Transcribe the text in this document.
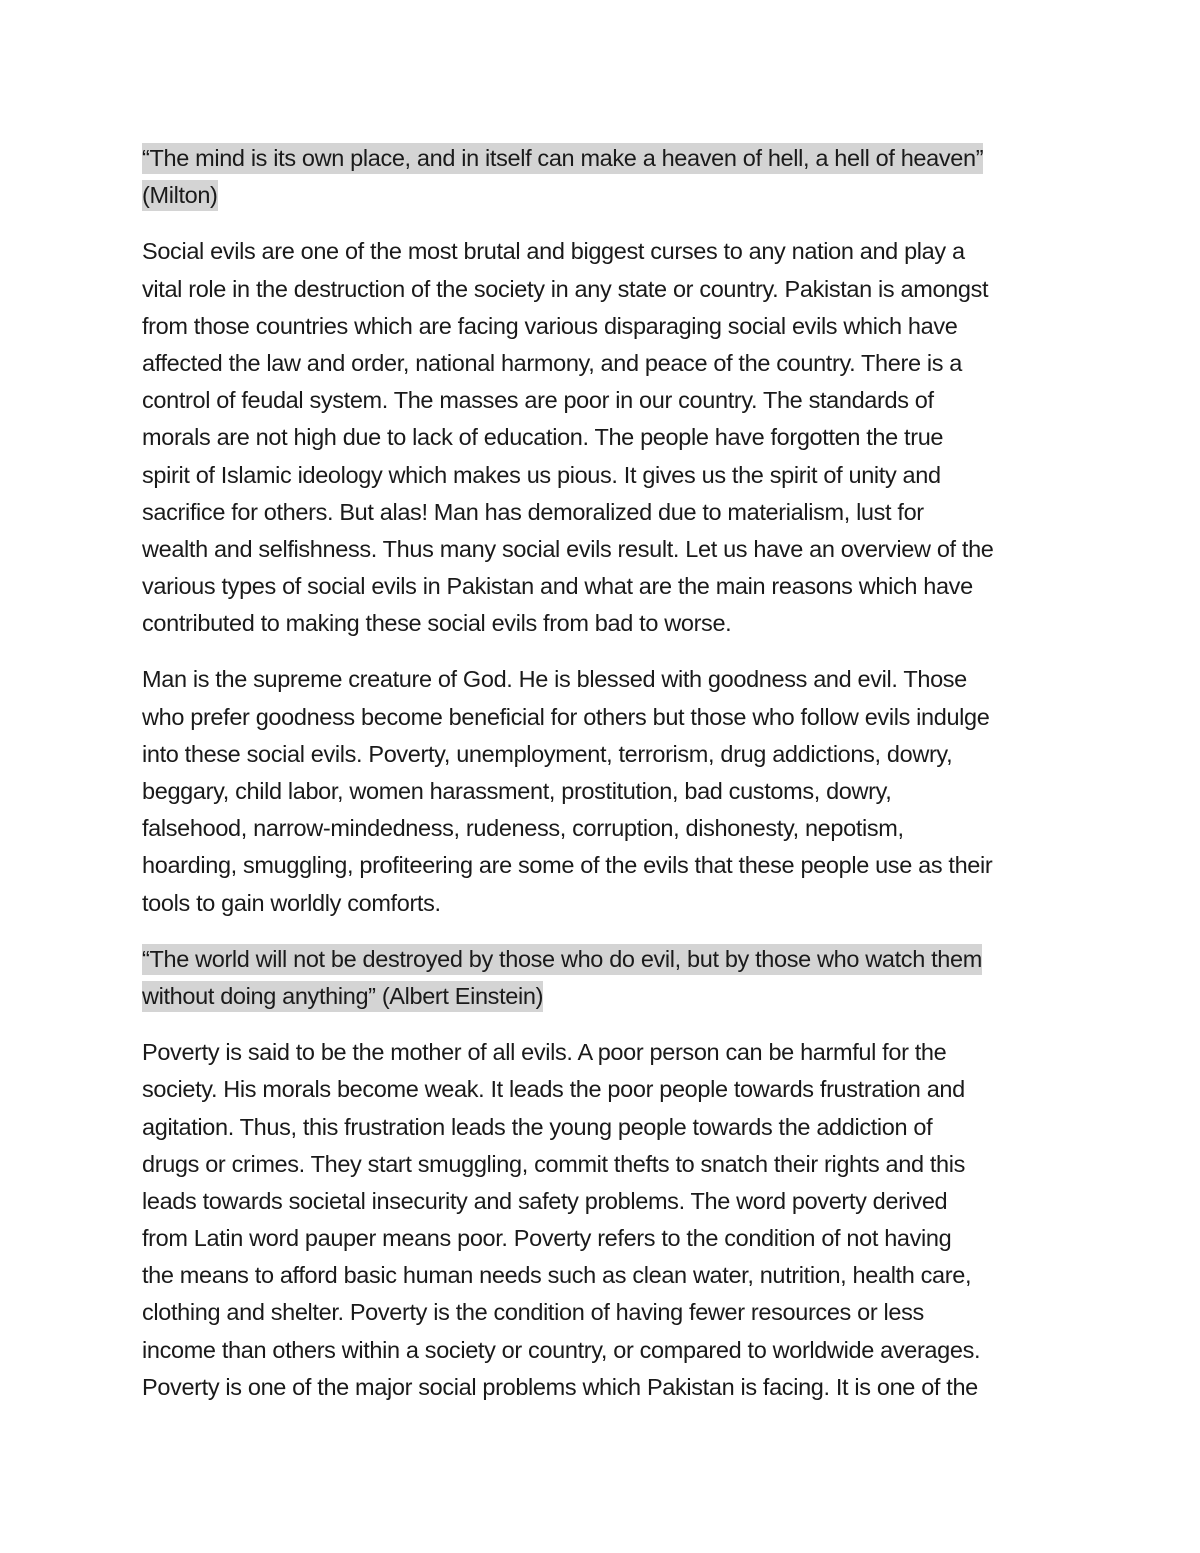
“The mind is its own place, and in itself can make a heaven of hell, a hell of heaven”
(Milton)
Social evils are one of the most brutal and biggest curses to any nation and play a
vital role in the destruction of the society in any state or country. Pakistan is amongst
from those countries which are facing various disparaging social evils which have
affected the law and order, national harmony, and peace of the country. There is a
control of feudal system. The masses are poor in our country. The standards of
morals are not high due to lack of education. The people have forgotten the true
spirit of Islamic ideology which makes us pious. It gives us the spirit of unity and
sacrifice for others. But alas! Man has demoralized due to materialism, lust for
wealth and selfishness. Thus many social evils result. Let us have an overview of the
various types of social evils in Pakistan and what are the main reasons which have
contributed to making these social evils from bad to worse.
Man is the supreme creature of God. He is blessed with goodness and evil. Those
who prefer goodness become beneficial for others but those who follow evils indulge
into these social evils. Poverty, unemployment, terrorism, drug addictions, dowry,
beggary, child labor, women harassment, prostitution, bad customs, dowry,
falsehood, narrow-mindedness, rudeness, corruption, dishonesty, nepotism,
hoarding, smuggling, profiteering are some of the evils that these people use as their
tools to gain worldly comforts.
“The world will not be destroyed by those who do evil, but by those who watch them
without doing anything” (Albert Einstein)
Poverty is said to be the mother of all evils. A poor person can be harmful for the
society. His morals become weak. It leads the poor people towards frustration and
agitation. Thus, this frustration leads the young people towards the addiction of
drugs or crimes. They start smuggling, commit thefts to snatch their rights and this
leads towards societal insecurity and safety problems. The word poverty derived
from Latin word pauper means poor. Poverty refers to the condition of not having
the means to afford basic human needs such as clean water, nutrition, health care,
clothing and shelter. Poverty is the condition of having fewer resources or less
income than others within a society or country, or compared to worldwide averages.
Poverty is one of the major social problems which Pakistan is facing. It is one of the
